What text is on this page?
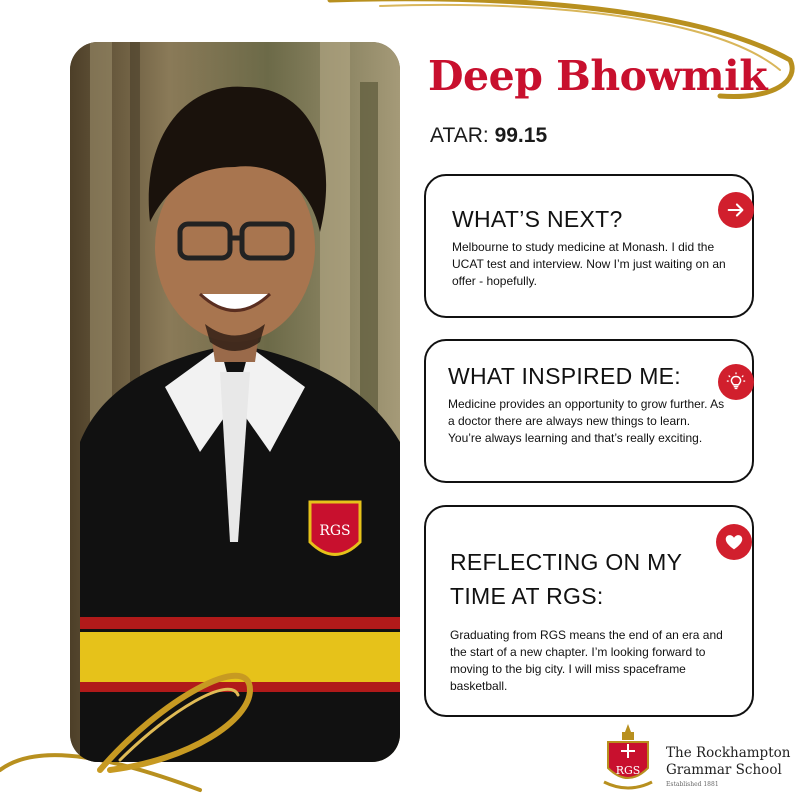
RGS
Deep Bhowmik
ATAR: 99.15
WHAT’S NEXT?

Melbourne to study medicine at Monash. I did the UCAT test and interview. Now I’m just waiting on an offer - hopefully.

WHAT INSPIRED ME:

Medicine provides an opportunity to grow further. As a doctor there are always new things to learn. You’re always learning and that’s really exciting.

REFLECTING ON MY
TIME AT RGS:

Graduating from RGS means the end of an era and the start of a new chapter. I’m looking forward to moving to the big city. I will miss spaceframe basketball.

RGS
The Rockhampton
Grammar School
Established 1881
